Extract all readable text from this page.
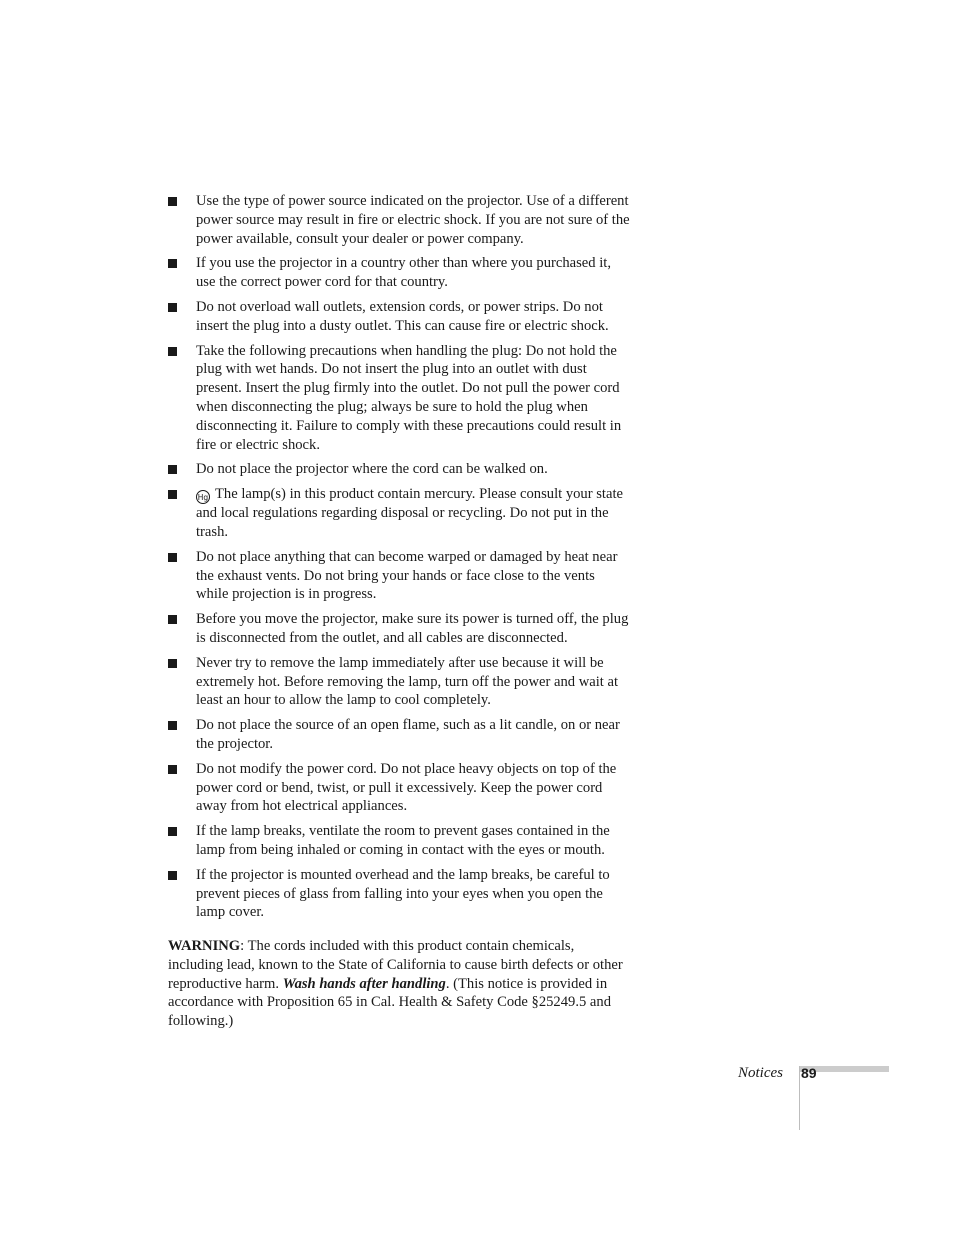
Use the type of power source indicated on the projector. Use of a different power source may result in fire or electric shock. If you are not sure of the power available, consult your dealer or power company.
If you use the projector in a country other than where you purchased it, use the correct power cord for that country.
Do not overload wall outlets, extension cords, or power strips. Do not insert the plug into a dusty outlet. This can cause fire or electric shock.
Take the following precautions when handling the plug: Do not hold the plug with wet hands. Do not insert the plug into an outlet with dust present. Insert the plug firmly into the outlet. Do not pull the power cord when disconnecting the plug; always be sure to hold the plug when disconnecting it. Failure to comply with these precautions could result in fire or electric shock.
Do not place the projector where the cord can be walked on.
Hg The lamp(s) in this product contain mercury. Please consult your state and local regulations regarding disposal or recycling. Do not put in the trash.
Do not place anything that can become warped or damaged by heat near the exhaust vents. Do not bring your hands or face close to the vents while projection is in progress.
Before you move the projector, make sure its power is turned off, the plug is disconnected from the outlet, and all cables are disconnected.
Never try to remove the lamp immediately after use because it will be extremely hot. Before removing the lamp, turn off the power and wait at least an hour to allow the lamp to cool completely.
Do not place the source of an open flame, such as a lit candle, on or near the projector.
Do not modify the power cord. Do not place heavy objects on top of the power cord or bend, twist, or pull it excessively. Keep the power cord away from hot electrical appliances.
If the lamp breaks, ventilate the room to prevent gases contained in the lamp from being inhaled or coming in contact with the eyes or mouth.
If the projector is mounted overhead and the lamp breaks, be careful to prevent pieces of glass from falling into your eyes when you open the lamp cover.

WARNING: The cords included with this product contain chemicals, including lead, known to the State of California to cause birth defects or other reproductive harm. Wash hands after handling. (This notice is provided in accordance with Proposition 65 in Cal. Health & Safety Code §25249.5 and following.)

Notices 89
